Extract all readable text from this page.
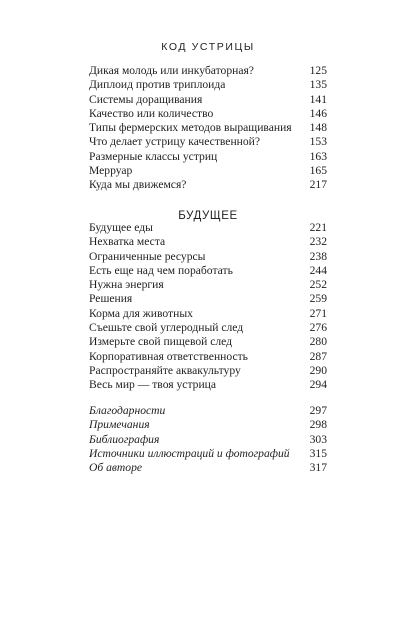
КОД УСТРИЦЫ
Дикая молодь или инкубаторная?	125
Диплоид против триплоида	135
Системы доращивания	141
Качество или количество	146
Типы фермерских методов выращивания	148
Что делает устрицу качественной?	153
Размерные классы устриц	163
Мерруар	165
Куда мы движемся?	217
БУДУЩЕЕ
Будущее еды	221
Нехватка места	232
Ограниченные ресурсы	238
Есть еще над чем поработать	244
Нужна энергия	252
Решения	259
Корма для животных	271
Съешьте свой углеродный след	276
Измерьте свой пищевой след	280
Корпоративная ответственность	287
Распространяйте аквакультуру	290
Весь мир — твоя устрица	294
Благодарности	297
Примечания	298
Библиография	303
Источники иллюстраций и фотографий	315
Об авторе	317
